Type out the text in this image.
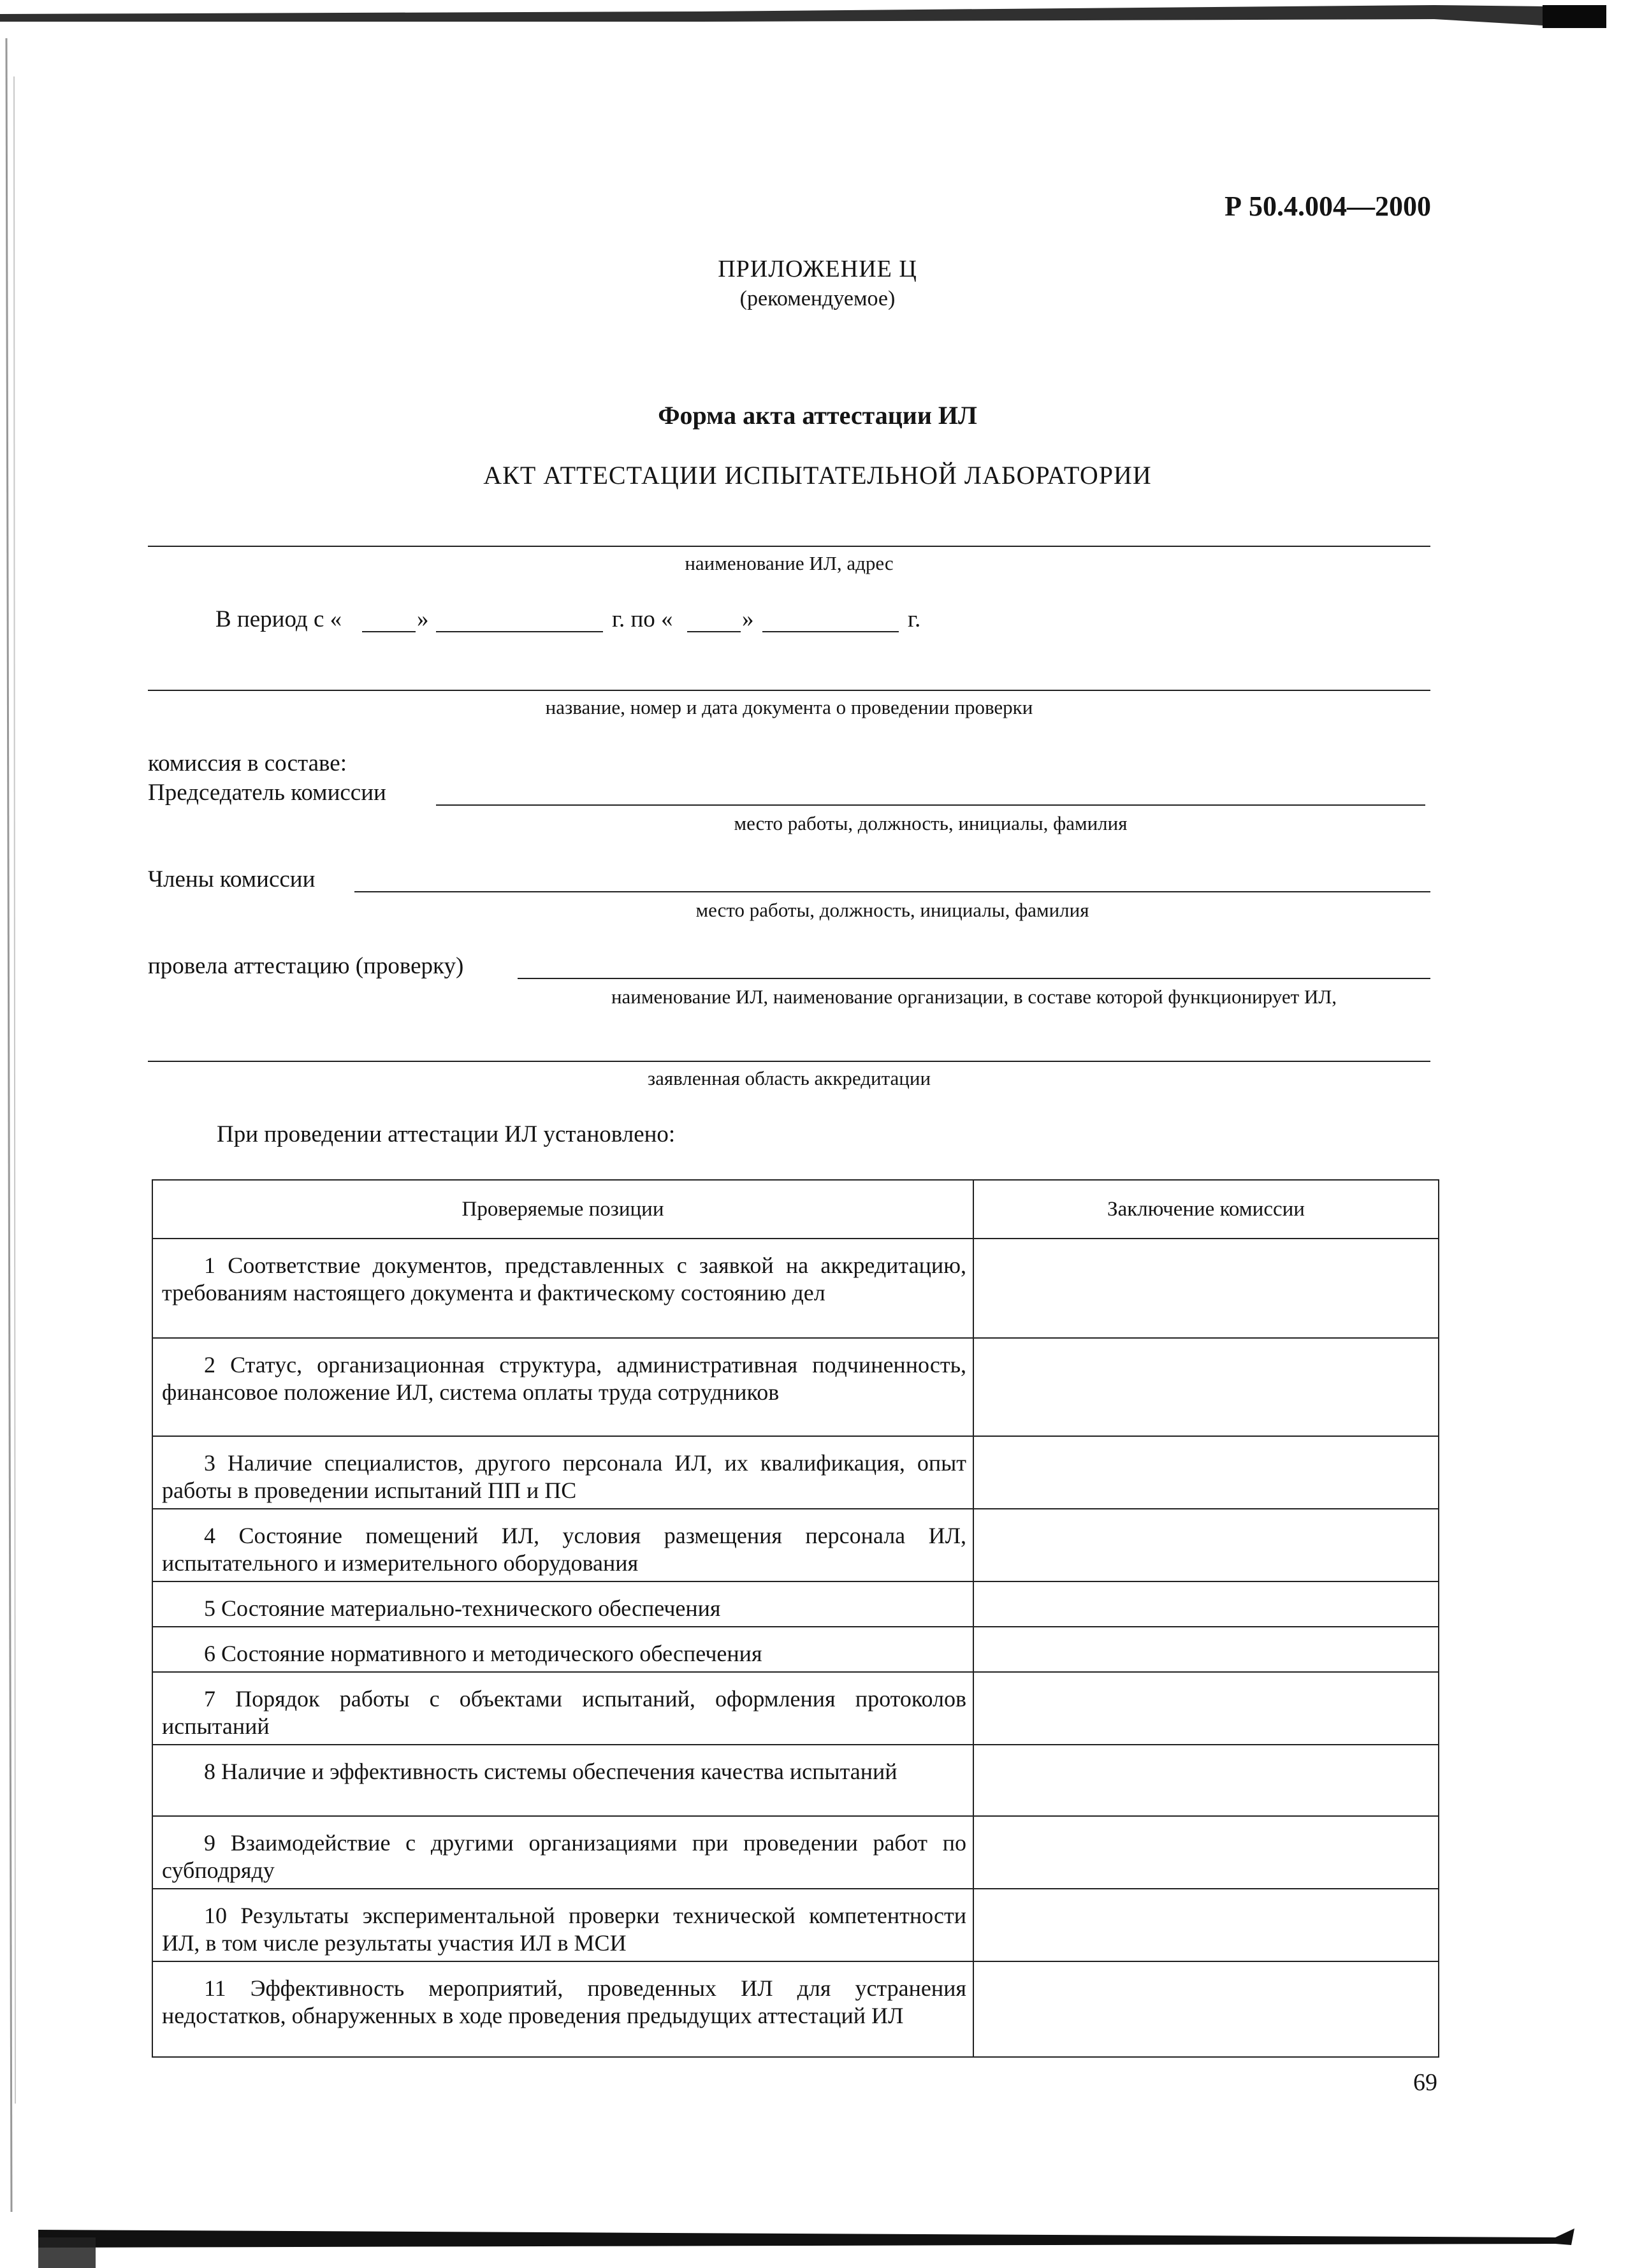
Р 50.4.004—2000
ПРИЛОЖЕНИЕ Ц
(рекомендуемое)
Форма акта аттестации ИЛ
АКТ АТТЕСТАЦИИ ИСПЫТАТЕЛЬНОЙ ЛАБОРАТОРИИ
наименование ИЛ, адрес
В период с «	»	г. по «	»	г.
название, номер и дата документа о проведении проверки
комиссия в составе:
Председатель комиссии
место работы, должность, инициалы, фамилия
Члены комиссии
место работы, должность, инициалы, фамилия
провела аттестацию (проверку)
наименование ИЛ, наименование организации, в составе которой функционирует ИЛ,
заявленная область аккредитации
При проведении аттестации ИЛ установлено:
Проверяемые позиции	Заключение комиссии
1 Соответствие документов, представленных с заявкой на аккредитацию, требованиям настоящего документа и фактическому состоянию дел	
2 Статус, организационная структура, административная подчиненность, финансовое положение ИЛ, система оплаты труда сотрудников	
3 Наличие специалистов, другого персонала ИЛ, их квалификация, опыт работы в проведении испытаний ПП и ПС	
4 Состояние помещений ИЛ, условия размещения персонала ИЛ, испытательного и измерительного оборудования	
5 Состояние материально-технического обеспечения	
6 Состояние нормативного и методического обеспечения	
7 Порядок работы с объектами испытаний, оформления протоколов испытаний	
8 Наличие и эффективность системы обеспечения качества испытаний	
9 Взаимодействие с другими организациями при проведении работ по субподряду	
10 Результаты экспериментальной проверки технической компетентности ИЛ, в том числе результаты участия ИЛ в МСИ	
11 Эффективность мероприятий, проведенных ИЛ для устранения недостатков, обнаруженных в ходе проведения предыдущих аттестаций ИЛ	
69
